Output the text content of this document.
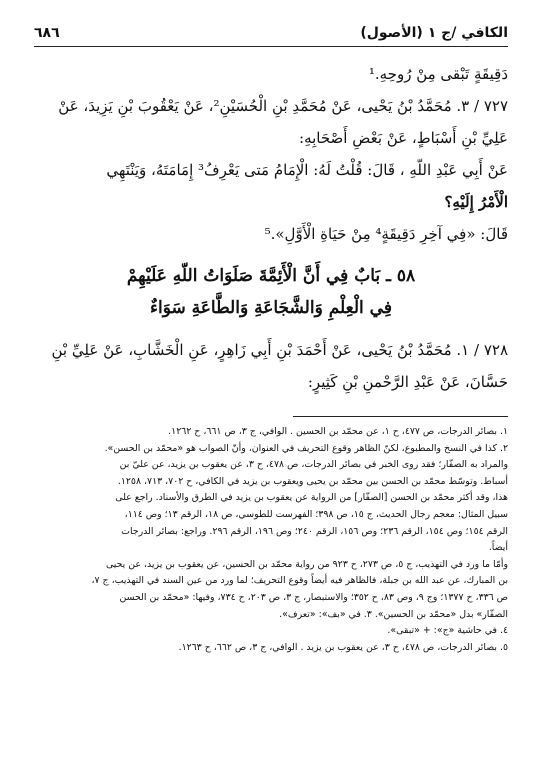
الكافي /ج ١ (الأصول)
٦٨٦

دَقِيقَةٍ تَبْقى مِنْ رُوحِهِ.¹

٧٢٧ / ٣. مُحَمَّدُ بْنُ يَحْيى، عَنْ مُحَمَّدِ بْنِ الْحُسَيْنِ²، عَنْ يَعْقُوبَ بْنِ يَزِيدَ، عَنْ

عَلِيِّ بْنِ أَسْبَاطٍ، عَنْ بَعْضِ أَصْحَابِهِ:

عَنْ أَبِي عَبْدِ اللّهِ ، قَالَ: قُلْتُ لَهُ: الْإِمَامُ مَتى يَعْرِفُ³ إِمَامَتَهُ، وَيَنْتَهِي

الْأَمْرُ إِلَيْهِ؟

قَالَ: «فِي آخِرِ دَقِيقَةٍ⁴ مِنْ حَيَاةِ الْأَوَّلِ».⁵

٥٨ ـ بَابٌ فِي أَنَّ الْأَئِمَّةَ صَلَوَاتُ اللّهِ عَلَيْهِمْ
فِي الْعِلْمِ وَالشَّجَاعَةِ وَالطَّاعَةِ سَوَاءٌ

٧٢٨ / ١. مُحَمَّدُ بْنُ يَحْيى، عَنْ أَحْمَدَ بْنِ أَبِي زَاهِرٍ، عَنِ الْخَشَّابِ، عَنْ عَلِيِّ بْنِ

حَسَّانَ، عَنْ عَبْدِ الرَّحْمنِ بْنِ كَثِيرٍ:

١. بصائر الدرجات، ص ٤٧٧، ح ١، عن محمّد بن الحسين . الوافي، ج ٣، ص ٦٦١، ح ١٢٦٢.
٢. كذا في النسخ والمطبوع، لكنّ الظاهر وقوع التحريف في العنوان، وأنّ الصواب هو «محمّد بن الحسن».
والمراد به الصفّار؛ فقد روى الخبر في بصائر الدرجات، ص ٤٧٨، ح ٣، عن يعقوب بن يزيد، عن عليّ بن
أسباط. وتوسّط محمّد بن الحسن بين محمّد بن يحيى ويعقوب بن يزيد في الكافي، ح ٧٠٢، ٧١٣، ١٢٥٨.
هذا، وقد أكثر محمّد بن الحسن [الصفّار] من الرواية عن يعقوب بن يزيد في الطرق والأسناد. راجع على
سبيل المثال: معجم رجال الحديث، ج ١٥، ص ٣٩٨؛ الفهرست للطوسي، ص ١٨، الرقم ١٣؛ وص ١١٤،
الرقم ١٥٤؛ وص ١٥٤، الرقم ٢٣٦؛ وص ١٥٦، الرقم ٢٤٠؛ وص ١٩٦، الرقم ٢٩٦. وراجع: بصائر الدرجات
أيضاً.
وأمّا ما ورد في التهذيب، ج ٥، ص ٢٧٣، ح ٩٢٣ من رواية محمّد بن الحسين، عن يعقوب بن يزيد، عن يحيى
بن المبارك، عن عبد الله بن جبلة، فالظاهر فيه أيضاً وقوع التحريف؛ لما ورد من عين السند في التهذيب، ج ٧،
ص ٣٣٦، ح ١٣٧٧؛ وج ٩، وص ٨٣، ح ٣٥٢؛ والاستبصار، ج ٣، ص ٢٠٣، ح ٧٣٤، وفيها: «محمّد بن الحسن
الصفّار» بدل «محمّد بن الحسين». ٣. في «بف»: «تعرف».
٤. في حاشية «ج»: + «تبقى».
٥. بصائر الدرجات، ص ٤٧٨، ح ٣، عن يعقوب بن يزيد . الوافي، ج ٣، ص ٦٦٢، ح ١٢٦٣.
